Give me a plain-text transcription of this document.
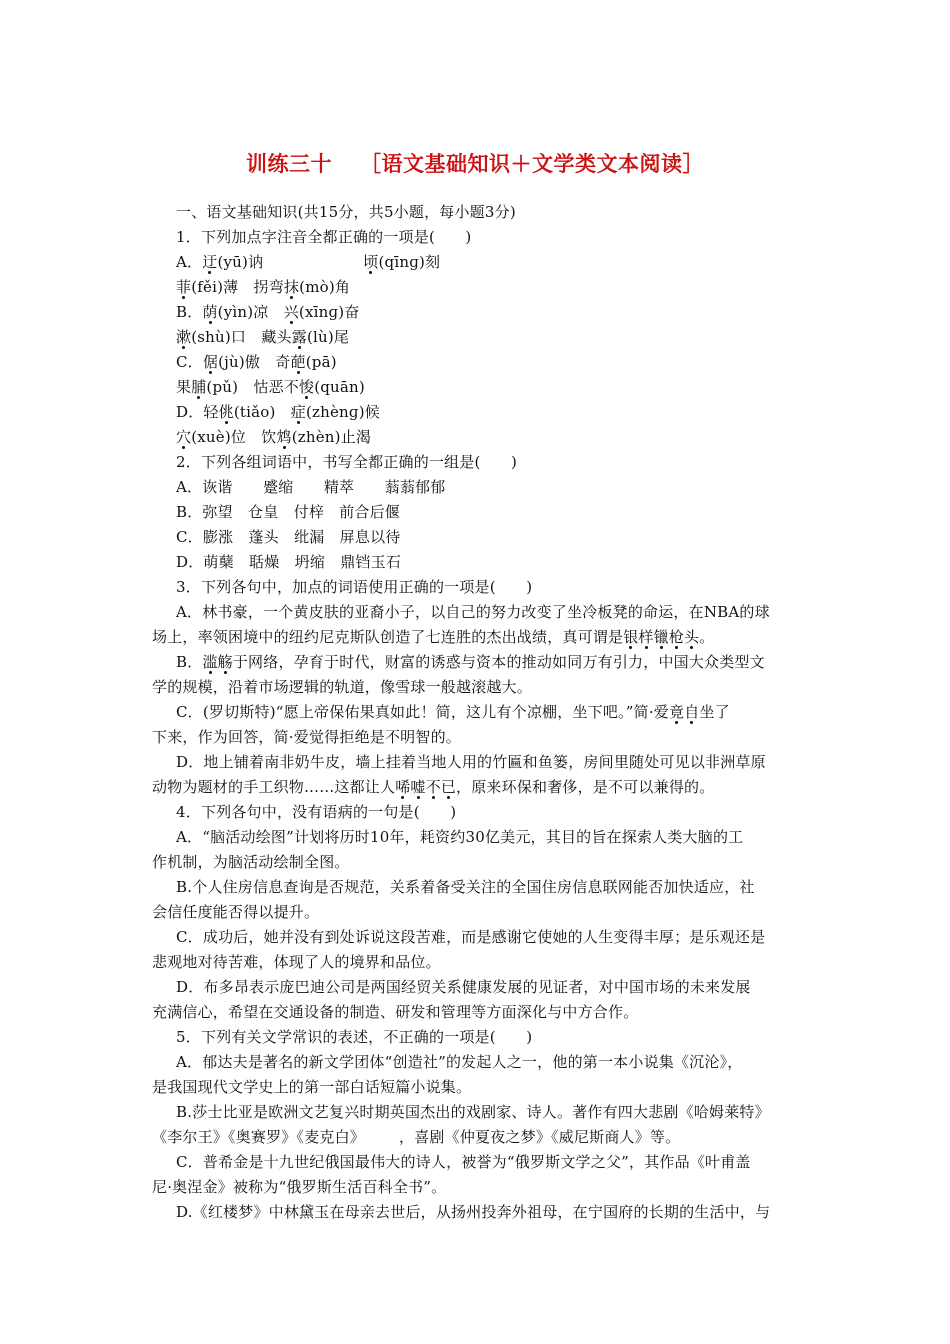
训练三十 ［语文基础知识＋文学类文本阅读］
一、语文基础知识(共15分，共5小题，每小题3分)
1．下列加点字注音全都正确的一项是(　　)
A．迂(yū)讷	顷(qīnɡ)刻
菲(fěi)薄　拐弯抹(mò)角
B．荫(yìn)凉　兴(xīnɡ)奋
漱(shù)口　藏头露(lù)尾
C．倨(jù)傲　奇葩(pā)
果脯(pǔ)　怙恶不悛(quān)
D．轻佻(tiǎo)　症(zhènɡ)候
穴(xuè)位　饮鸩(zhèn)止渴
2．下列各组词语中，书写全都正确的一组是(　　)
A．诙谐　　蹙缩　　精萃　　蓊蓊郁郁
B．弥望　仓皇　付梓　前合后偃
C．膨涨　蓬头　纰漏　屏息以待
D．萌蘖　聒燥　坍缩　鼎铛玉石
3．下列各句中，加点的词语使用正确的一项是(　　)
A．林书豪，一个黄皮肤的亚裔小子，以自己的努力改变了坐冷板凳的命运，在NBA的球
场上，率领困境中的纽约尼克斯队创造了七连胜的杰出战绩，真可谓是银样镴枪头。
B．滥觞于网络，孕育于时代，财富的诱惑与资本的推动如同万有引力，中国大众类型文
学的规模，沿着市场逻辑的轨道，像雪球一般越滚越大。
C．(罗切斯特)“愿上帝保佑果真如此！简，这儿有个凉棚，坐下吧。”简·爱竟自坐了
下来，作为回答，简·爱觉得拒绝是不明智的。
D．地上铺着南非奶牛皮，墙上挂着当地人用的竹匾和鱼篓，房间里随处可见以非洲草原
动物为题材的手工织物……这都让人唏嘘不已，原来环保和奢侈，是不可以兼得的。
4．下列各句中，没有语病的一句是(　　)
A．“脑活动绘图”计划将历时10年，耗资约30亿美元，其目的旨在探索人类大脑的工
作机制，为脑活动绘制全图。
B.个人住房信息查询是否规范，关系着备受关注的全国住房信息联网能否加快适应，社
会信任度能否得以提升。
C．成功后，她并没有到处诉说这段苦难，而是感谢它使她的人生变得丰厚；是乐观还是
悲观地对待苦难，体现了人的境界和品位。
D．布多昂表示庞巴迪公司是两国经贸关系健康发展的见证者，对中国市场的未来发展
充满信心，希望在交通设备的制造、研发和管理等方面深化与中方合作。
5．下列有关文学常识的表述，不正确的一项是(　　)
A．郁达夫是著名的新文学团体“创造社”的发起人之一，他的第一本小说集《沉沦》，
是我国现代文学史上的第一部白话短篇小说集。
B.莎士比亚是欧洲文艺复兴时期英国杰出的戏剧家、诗人。著作有四大悲剧《哈姆莱特》
《李尔王》《奥赛罗》《麦克白》 ，喜剧《仲夏夜之梦》《威尼斯商人》等。
C．普希金是十九世纪俄国最伟大的诗人，被誉为“俄罗斯文学之父”，其作品《叶甫盖
尼·奥涅金》被称为“俄罗斯生活百科全书”。
D.《红楼梦》中林黛玉在母亲去世后，从扬州投奔外祖母，在宁国府的长期的生活中，与
